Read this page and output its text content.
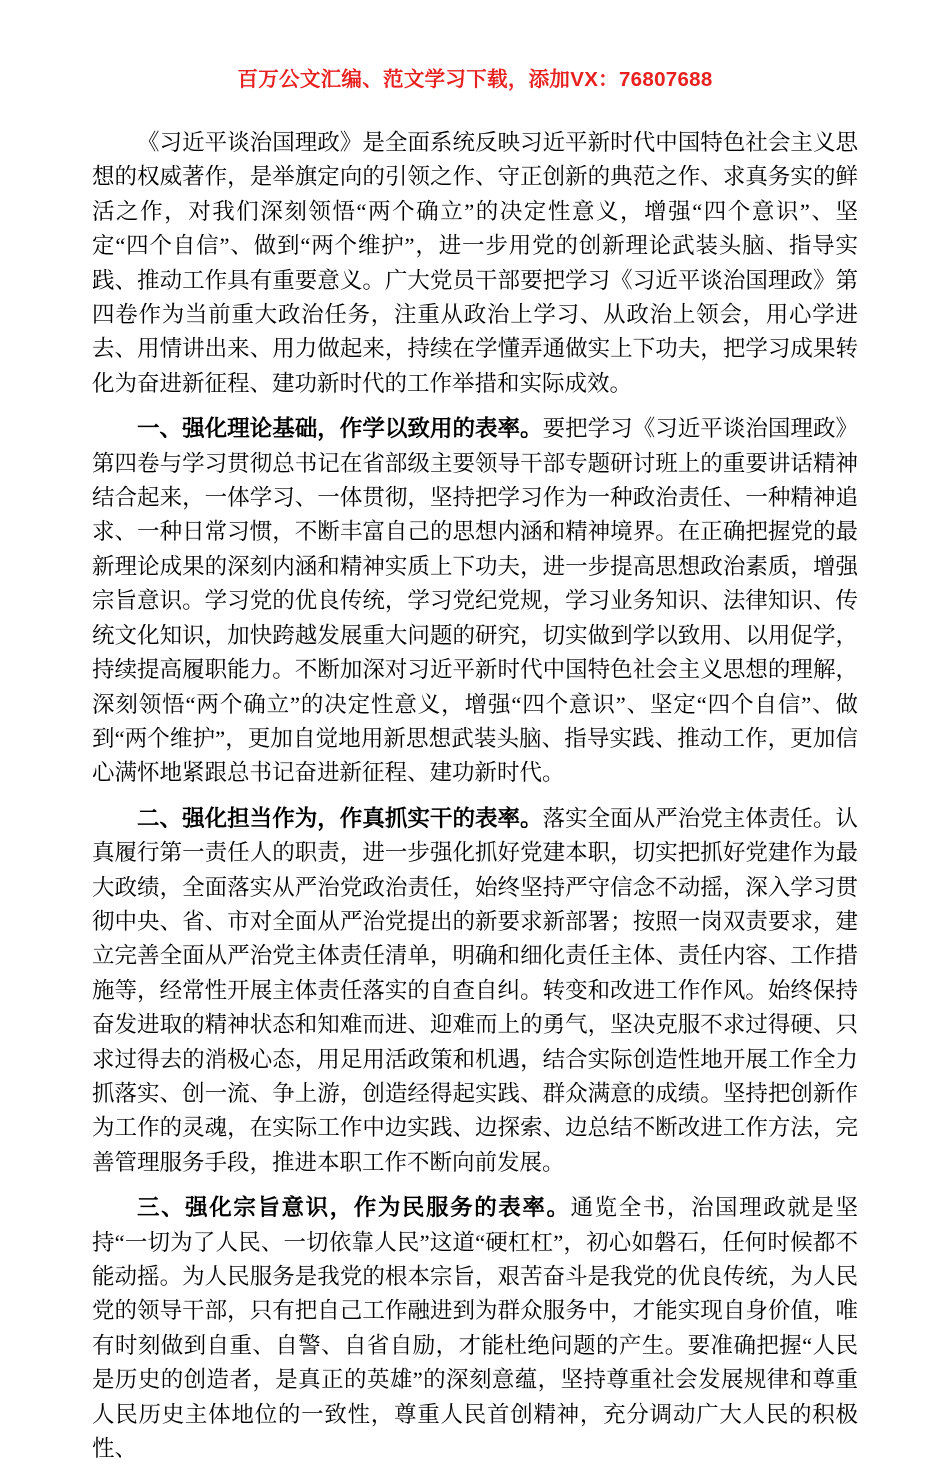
百万公文汇编、范文学习下载，添加VX：76807688

《习近平谈治国理政》是全面系统反映习近平新时代中国特色社会主义思想的权威著作，是举旗定向的引领之作、守正创新的典范之作、求真务实的鲜活之作，对我们深刻领悟“两个确立”的决定性意义，增强“四个意识”、坚定“四个自信”、做到“两个维护”，进一步用党的创新理论武装头脑、指导实践、推动工作具有重要意义。广大党员干部要把学习《习近平谈治国理政》第四卷作为当前重大政治任务，注重从政治上学习、从政治上领会，用心学进去、用情讲出来、用力做起来，持续在学懂弄通做实上下功夫，把学习成果转化为奋进新征程、建功新时代的工作举措和实际成效。

一、强化理论基础，作学以致用的表率。要把学习《习近平谈治国理政》第四卷与学习贯彻总书记在省部级主要领导干部专题研讨班上的重要讲话精神结合起来，一体学习、一体贯彻，坚持把学习作为一种政治责任、一种精神追求、一种日常习惯，不断丰富自己的思想内涵和精神境界。在正确把握党的最新理论成果的深刻内涵和精神实质上下功夫，进一步提高思想政治素质，增强宗旨意识。学习党的优良传统，学习党纪党规，学习业务知识、法律知识、传统文化知识，加快跨越发展重大问题的研究，切实做到学以致用、以用促学，持续提高履职能力。不断加深对习近平新时代中国特色社会主义思想的理解，深刻领悟“两个确立”的决定性意义，增强“四个意识”、坚定“四个自信”、做到“两个维护”，更加自觉地用新思想武装头脑、指导实践、推动工作，更加信心满怀地紧跟总书记奋进新征程、建功新时代。

二、强化担当作为，作真抓实干的表率。落实全面从严治党主体责任。认真履行第一责任人的职责，进一步强化抓好党建本职，切实把抓好党建作为最大政绩，全面落实从严治党政治责任，始终坚持严守信念不动摇，深入学习贯彻中央、省、市对全面从严治党提出的新要求新部署；按照一岗双责要求，建立完善全面从严治党主体责任清单，明确和细化责任主体、责任内容、工作措施等，经常性开展主体责任落实的自查自纠。转变和改进工作作风。始终保持奋发进取的精神状态和知难而进、迎难而上的勇气，坚决克服不求过得硬、只求过得去的消极心态，用足用活政策和机遇，结合实际创造性地开展工作全力抓落实、创一流、争上游，创造经得起实践、群众满意的成绩。坚持把创新作为工作的灵魂，在实际工作中边实践、边探索、边总结不断改进工作方法，完善管理服务手段，推进本职工作不断向前发展。

三、强化宗旨意识，作为民服务的表率。通览全书，治国理政就是坚持“一切为了人民、一切依靠人民”这道“硬杠杠”，初心如磐石，任何时候都不能动摇。为人民服务是我党的根本宗旨，艰苦奋斗是我党的优良传统，为人民党的领导干部，只有把自己工作融进到为群众服务中，才能实现自身价值，唯有时刻做到自重、自警、自省自励，才能杜绝问题的产生。要准确把握“人民是历史的创造者，是真正的英雄”的深刻意蕴，坚持尊重社会发展规律和尊重人民历史主体地位的一致性，尊重人民首创精神，充分调动广大人民的积极性、
